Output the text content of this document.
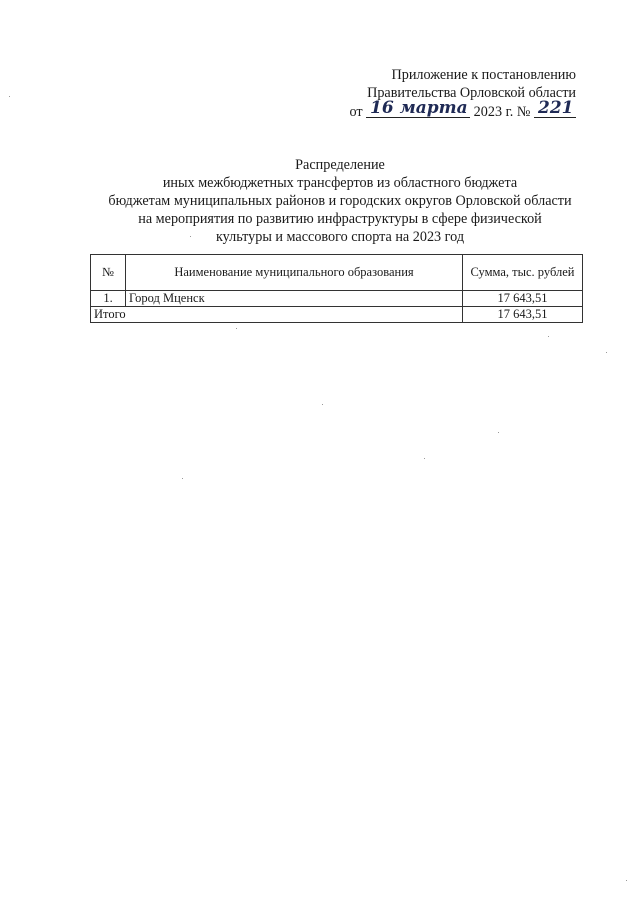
Приложение к постановлению
Правительства Орловской области
от 16 марта 2023 г. № 221
Распределение
иных межбюджетных трансфертов из областного бюджета
бюджетам муниципальных районов и городских округов Орловской области
на мероприятия по развитию инфраструктуры в сфере физической
культуры и массового спорта на 2023 год
№	Наименование муниципального образования	Сумма, тыс. рублей
1.	Город Мценск	17 643,51
Итого		17 643,51
